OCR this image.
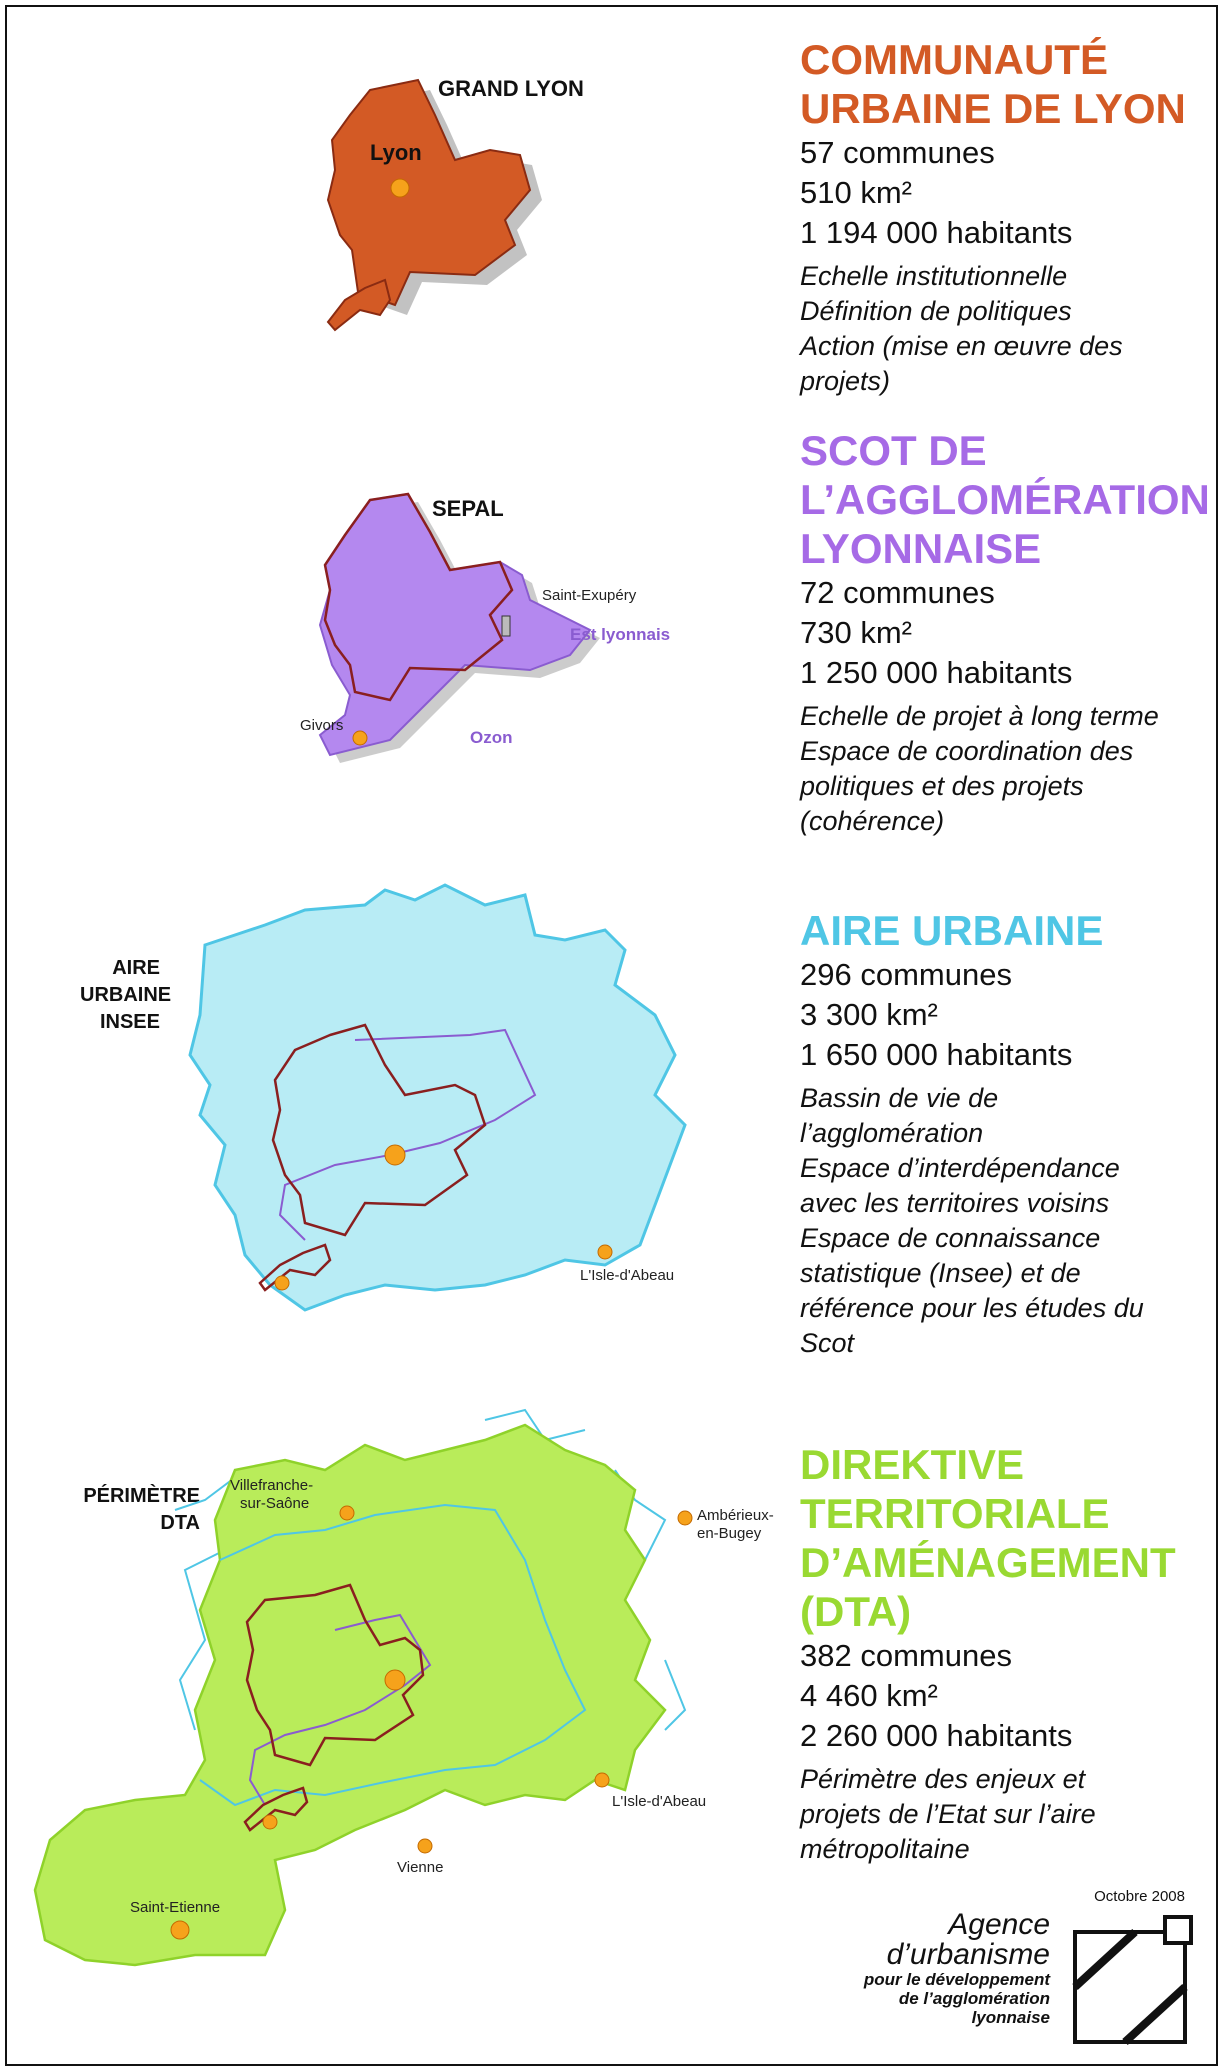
GRAND LYON
Lyon
COMMUNAUTÉ
URBAINE DE LYON
57 communes
510 km²
1 194 000 habitants
Echelle institutionnelle
Définition de politiques
Action (mise en œuvre des
projets)
SEPAL
Saint-Exupéry
Est lyonnais
Givors
Ozon
SCOT DE
L’AGGLOMÉRATION
LYONNAISE
72 communes
730 km²
1 250 000 habitants
Echelle de projet à long terme
Espace de coordination des
politiques et des projets
(cohérence)
AIRE
URBAINE
INSEE
L'Isle-d'Abeau
AIRE URBAINE
296 communes
3 300 km²
1 650 000 habitants
Bassin de vie de
l’agglomération
Espace d’interdépendance
avec les territoires voisins
Espace de connaissance
statistique (Insee) et de
référence pour les études du
Scot
PÉRIMÈTRE
DTA
Villefranche-sur-Saône
Ambérieux-en-Bugey
L'Isle-d'Abeau
Vienne
Saint-Etienne
DIREKTIVE
TERRITORIALE
D’AMÉNAGEMENT
(DTA)
382 communes
4 460 km²
2 260 000 habitants
Périmètre des enjeux et
projets de l’Etat sur l’aire
métropolitaine
Octobre 2008
Agence
d’urbanisme
pour le développement
de l’agglomération
lyonnaise
